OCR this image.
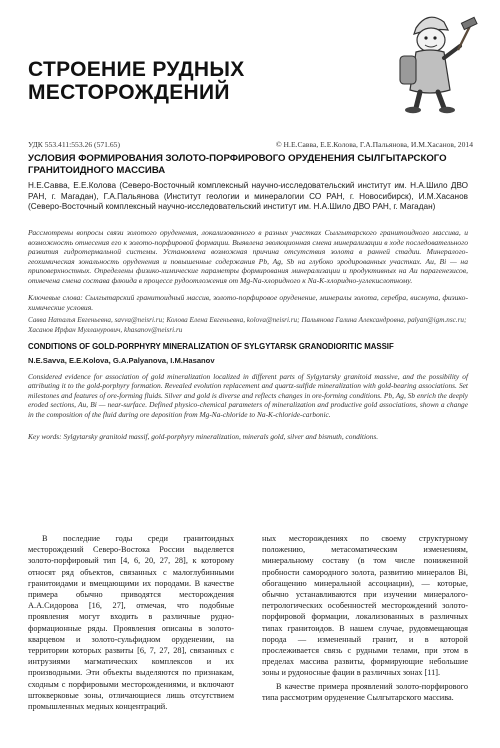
СТРОЕНИЕ РУДНЫХ МЕСТОРОЖДЕНИЙ
УДК 553.411:553.26 (571.65)	© Н.Е.Савва, Е.Е.Колова, Г.А.Пальянова, И.М.Хасанов, 2014
УСЛОВИЯ ФОРМИРОВАНИЯ ЗОЛОТО-ПОРФИРОВОГО ОРУДЕНЕНИЯ СЫЛГЫТАРСКОГО ГРАНИТОИДНОГО МАССИВА
Н.Е.Савва, Е.Е.Колова (Северо-Восточный комплексный научно-исследовательский институт им. Н.А.Шило ДВО РАН, г. Магадан), Г.А.Пальянова (Институт геологии и минералогии СО РАН, г. Новосибирск), И.М.Хасанов (Северо-Восточный комплексный научно-исследовательский институт им. Н.А.Шило ДВО РАН, г. Магадан)
Рассмотрены вопросы связи золотого оруденения, локализованного в разных участках Сылгытарского гранитоидного массива, и возможность отнесения его к золото-порфировой формации. Выявлена эволюционная смена минерализации в ходе последовательного развития гидротермальной системы. Установлена возможная причина отсутствия золота в ранней стадии. Минералого-геохимическая зональность оруденения и повышенные содержания Pb, Ag, Sb на глубоко эродированных участках. Au, Bi — на приповерхностных. Определены физико-химические параметры формирования минерализации и продуктивных на Au парагенезисов, отмечена смена состава флюида в процессе рудоотложения от Mg-Na-хлоридного к Na-K-хлоридно-углекислотному.
Ключевые слова: Сылгытарский гранитоидный массив, золото-порфировое оруденение, минералы золота, серебра, висмута, физико-химические условия.
Савва Наталья Евгеньевна, savva@neisri.ru; Колова Елена Евгеньевна, kolova@neisri.ru; Пальянова Галина Александровна, palyan@igm.nsc.ru; Хасанов Ирфан Мулланурович, khasanov@neisri.ru
CONDITIONS OF GOLD-PORPHYRY MINERALIZATION OF SYLGYTARSK GRANODIORITIC MASSIF
N.E.Savva, E.E.Kolova, G.A.Palyanova, I.M.Hasanov
Considered evidence for association of gold mineralization localized in different parts of Sylgytarsky granitoid massive, and the possibility of attributing it to the gold-porphyry formation. Revealed evolution replacement and quartz-sulfide mineralization with gold-bearing associations. Set milestones and features of ore-forming fluids. Silver and gold is diverse and reflects changes in ore-forming conditions. Pb, Ag, Sb enrich the deeply eroded sections, Au, Bi — near-surface. Defined physico-chemical parameters of mineralization and productive gold associations, shown a change in the composition of the fluid during ore deposition from Mg-Na-chloride to Na-K-chloride-carbonic.
Key words: Sylgytarsky granitoid massif, gold-porphyry mineralization, minerals gold, silver and bismuth, conditions.
В последние годы среди гранитоидных месторождений Северо-Востока России выделяется золото-порфировый тип [4, 6, 20, 27, 28], к которому относят ряд объектов, связанных с малоглубинными гранитоидами и вмещающими их породами. В качестве примера обычно приводятся месторождения А.А.Сидорова [16, 27], отмечая, что подобные проявления могут входить в различные рудно-формационные ряды. Проявления описаны в золото-кварцевом и золото-сульфидном оруденении, на территории которых развиты [6, 7, 27, 28], связанных с интрузиями магматических комплексов и их производными. Эти объекты выделяются по признакам, сходным с порфировыми месторождениями, и включают штокверковые зоны, отличающиеся лишь отсутствием промышленных медных концентраций.

ных месторождениях по своему структурному положению, метасоматическим изменениям, минеральному составу (в том числе пониженной пробности самородного золота, развитию минералов Bi, обогащению минеральной ассоциации), — которые, обычно устанавливаются при изучении минералого-петрологических особенностей месторождений золото-порфировой формации, локализованных в различных типах гранитоидов. В нашем случае, рудовмещающая порода — измененный гранит, и в которой прослеживается связь с рудными телами, при этом в пределах массива развиты, формирующие небольшие зоны и рудоносные фации в различных зонах [11].

В качестве примера проявлений золото-порфирового типа рассмотрим оруденение Сылгытарского массива.
